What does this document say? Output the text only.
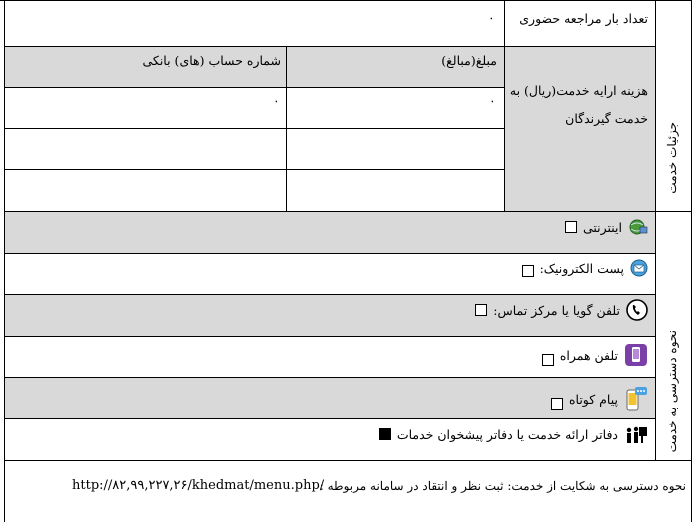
تعداد بار مراجعه حضوری
۰
مبلغ(مبالغ)
شماره حساب (های) بانکی
۰
۰
هزینه ارایه خدمت(ریال) به خدمت گیرندگان
جزئیات خدمت
نحوه دسترسی به خدمت
اینترنتی
پست الکترونیک:
تلفن گویا یا مرکز تماس:
تلفن همراه
پیام کوتاه
دفاتر ارائه خدمت یا دفاتر پیشخوان خدمات
نحوه دسترسی به شکایت از خدمت: ثبت نظر و انتقاد در سامانه مربوطه :
http://۸۲,۹۹,۲۲۷,۲۶/khedmat/menu.php/
